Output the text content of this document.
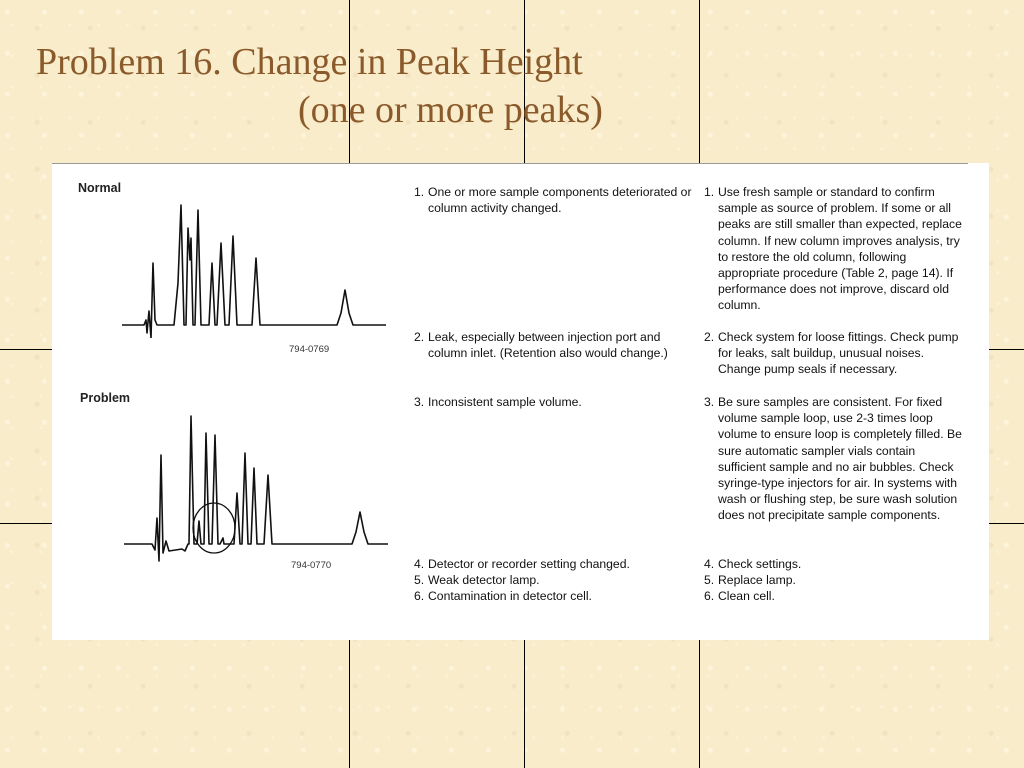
Problem 16. Change in Peak Height
(one or more peaks)
Normal
794-0769
Problem
794-0770
1. One or more sample components deteriorated or column activity changed.
2. Leak, especially between injection port and column inlet. (Retention also would change.)
3. Inconsistent sample volume.
4. Detector or recorder setting changed.
5. Weak detector lamp.
6. Contamination in detector cell.
1. Use fresh sample or standard to confirm sample as source of problem. If some or all peaks are still smaller than expected, replace column. If new column improves analysis, try to restore the old column, following appropriate procedure (Table 2, page 14). If performance does not improve, discard old column.
2. Check system for loose fittings. Check pump for leaks, salt buildup, unusual noises. Change pump seals if necessary.
3. Be sure samples are consistent. For fixed volume sample loop, use 2-3 times loop volume to ensure loop is completely filled. Be sure automatic sampler vials contain sufficient sample and no air bubbles. Check syringe-type injectors for air. In systems with wash or flushing step, be sure wash solution does not precipitate sample components.
4. Check settings.
5. Replace lamp.
6. Clean cell.
